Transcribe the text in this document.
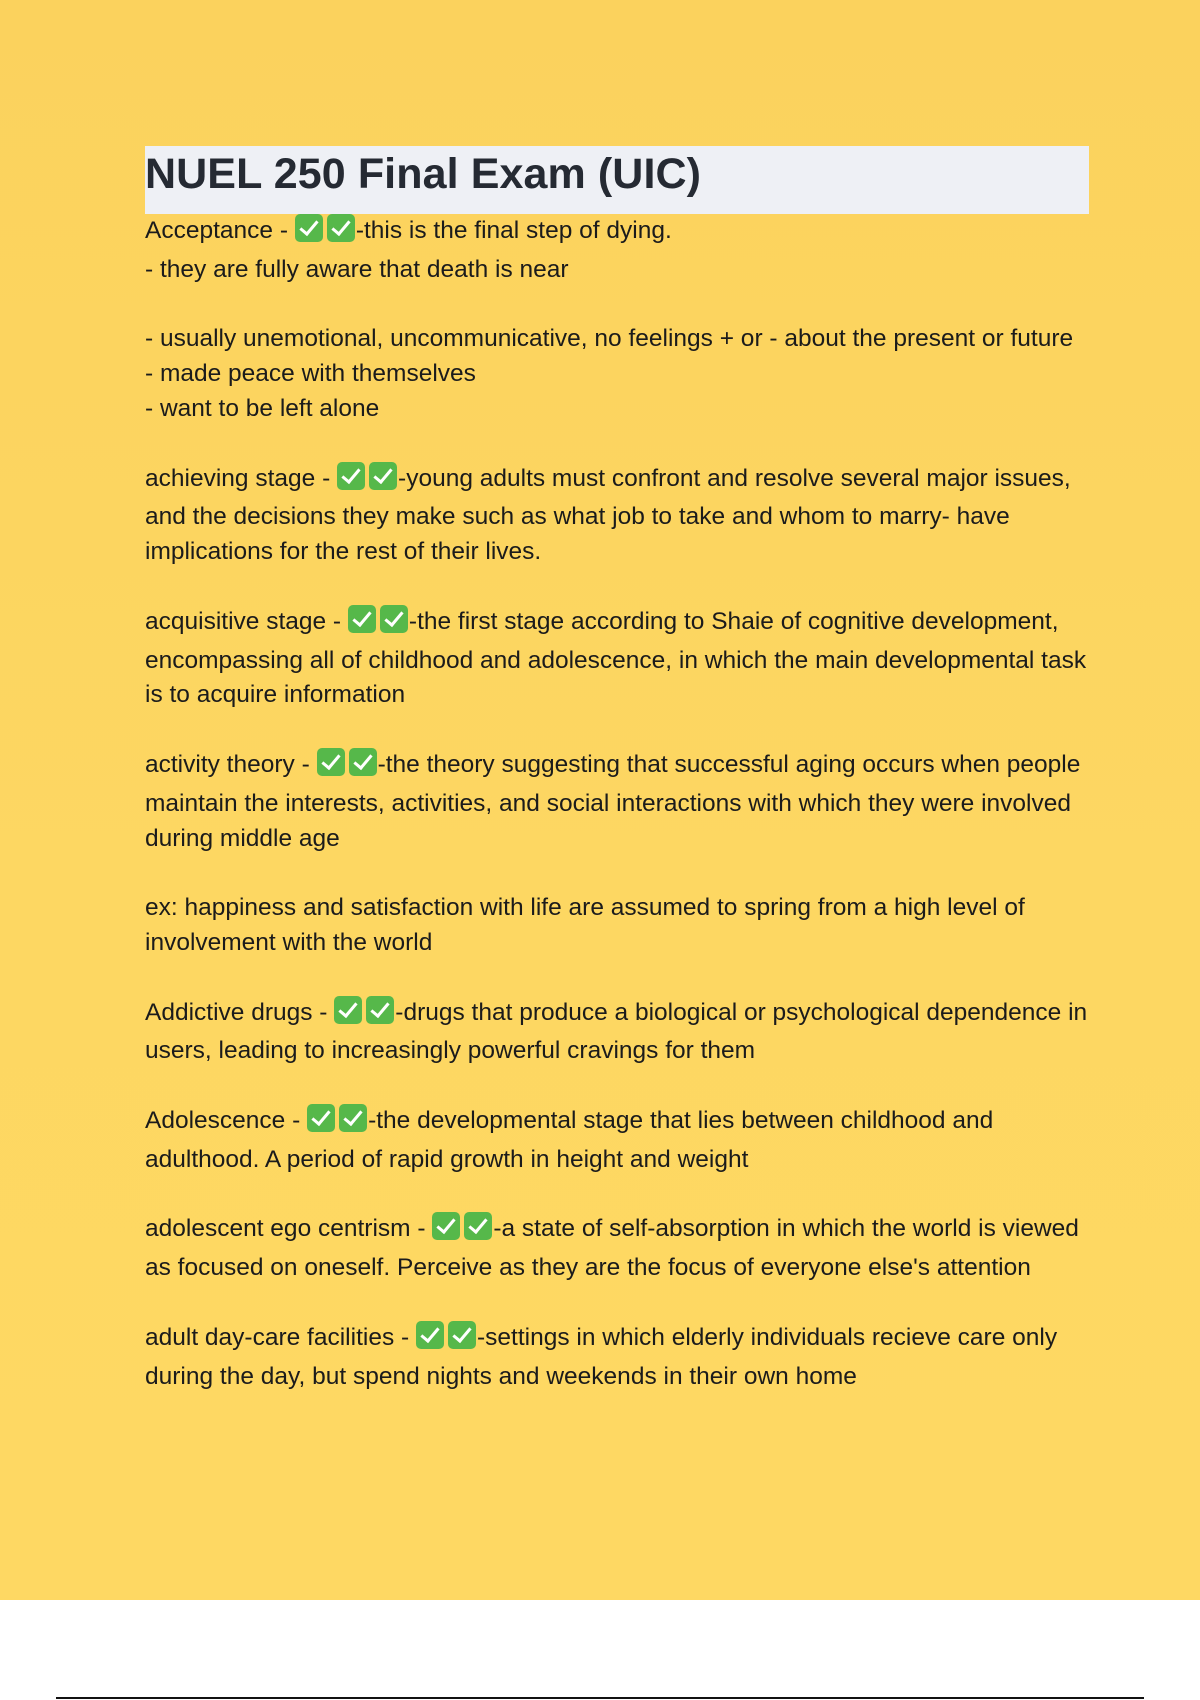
NUEL 250 Final Exam (UIC)
Acceptance - -this is the final step of dying.
- they are fully aware that death is near
- usually unemotional, uncommunicative, no feelings + or - about the present or future
- made peace with themselves
- want to be left alone
achieving stage - -young adults must confront and resolve several major issues, and the decisions they make such as what job to take and whom to marry- have implications for the rest of their lives.
acquisitive stage - -the first stage according to Shaie of cognitive development, encompassing all of childhood and adolescence, in which the main developmental task is to acquire information
activity theory - -the theory suggesting that successful aging occurs when people maintain the interests, activities, and social interactions with which they were involved during middle age
ex: happiness and satisfaction with life are assumed to spring from a high level of involvement with the world
Addictive drugs - -drugs that produce a biological or psychological dependence in users, leading to increasingly powerful cravings for them
Adolescence - -the developmental stage that lies between childhood and adulthood. A period of rapid growth in height and weight
adolescent ego centrism - -a state of self-absorption in which the world is viewed as focused on oneself. Perceive as they are the focus of everyone else's attention
adult day-care facilities - -settings in which elderly individuals recieve care only during the day, but spend nights and weekends in their own home
